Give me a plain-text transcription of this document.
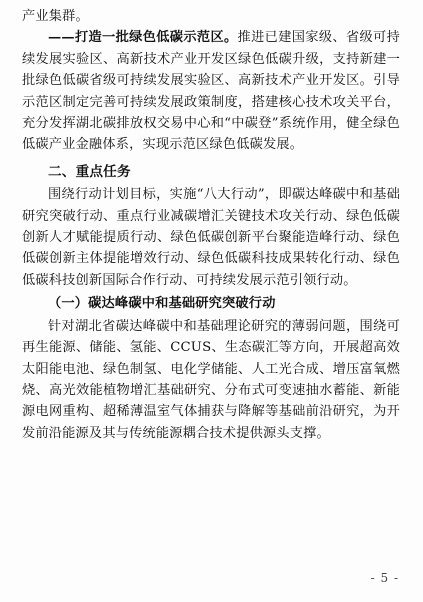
产业集群。

——打造一批绿色低碳示范区。推进已建国家级、省级可持续发展实验区、高新技术产业开发区绿色低碳升级，支持新建一批绿色低碳省级可持续发展实验区、高新技术产业开发区。引导示范区制定完善可持续发展政策制度，搭建核心技术攻关平台，充分发挥湖北碳排放权交易中心和“中碳登”系统作用，健全绿色低碳产业金融体系，实现示范区绿色低碳发展。

二、重点任务

围绕行动计划目标，实施“八大行动”，即碳达峰碳中和基础研究突破行动、重点行业减碳增汇关键技术攻关行动、绿色低碳创新人才赋能提质行动、绿色低碳创新平台聚能造峰行动、绿色低碳创新主体提能增效行动、绿色低碳科技成果转化行动、绿色低碳科技创新国际合作行动、可持续发展示范引领行动。

（一）碳达峰碳中和基础研究突破行动

针对湖北省碳达峰碳中和基础理论研究的薄弱问题，围绕可再生能源、储能、氢能、CCUS、生态碳汇等方向，开展超高效太阳能电池、绿色制氢、电化学储能、人工光合成、增压富氧燃烧、高光效能植物增汇基础研究、分布式可变速抽水蓄能、新能源电网重构、超稀薄温室气体捕获与降解等基础前沿研究，为开发前沿能源及其与传统能源耦合技术提供源头支撑。

- 5 -
